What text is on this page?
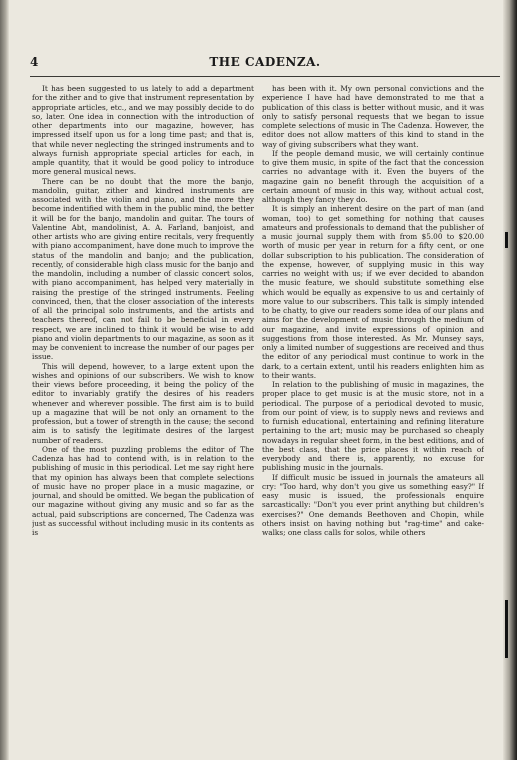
4	THE CADENZA.

It has been suggested to us lately to add a department for the zither and to give that instrument representation by appropriate articles, etc., and we may possibly decide to do so, later. One idea in connection with the introduction of other departments into our magazine, however, has impressed itself upon us for a long time past; and that is, that while never neglecting the stringed instruments and to always furnish appropriate special articles for each, in ample quantity, that it would be good policy to introduce more general musical news.

There can be no doubt that the more the banjo, mandolin, guitar, zither and kindred instruments are associated with the violin and piano, and the more they become indentified with them in the public mind, the better it will be for the banjo, mandolin and guitar. The tours of Valentine Abt, mandolinist, A. A. Farland, banjoist, and other artists who are giving entire recitals, very frequently with piano accompaniment, have done much to improve the status of the mandolin and banjo; and the publication, recently, of considerable high class music for the banjo and the mandolin, including a number of classic concert solos, with piano accompaniment, has helped very materially in raising the prestige of the stringed instruments. Feeling convinced, then, that the closer association of the interests of all the principal solo instruments, and the artists and teachers thereof, can not fail to be beneficial in every respect, we are inclined to think it would be wise to add piano and violin departments to our magazine, as soon as it may be convenient to increase the number of our pages per issue.

This will depend, however, to a large extent upon the wishes and opinions of our subscribers. We wish to know their views before proceeding, it being the policy of the editor to invariably gratify the desires of his readers whenever and wherever possible. The first aim is to build up a magazine that will be not only an ornament to the profession, but a tower of strength in the cause; the second aim is to satisfy the legitimate desires of the largest number of readers.

One of the most puzzling problems the editor of The Cadenza has had to contend with, is in relation to the publishing of music in this periodical. Let me say right here that my opinion has always been that complete selections of music have no proper place in a music magazine, or journal, and should be omitted. We began the publication of our magazine without giving any music and so far as the actual, paid subscriptions are concerned, The Cadenza was just as successful without including music in its contents as is

has been with it. My own personal convictions and the experience I have had have demonstrated to me that a publication of this class is better without music, and it was only to satisfy personal requests that we began to issue complete selections of music in The Cadenza. However, the editor does not allow matters of this kind to stand in the way of giving subscribers what they want.

If the people demand music, we will certainly continue to give them music, in spite of the fact that the concession carries no advantage with it. Even the buyers of the magazine gain no benefit through the acquisition of a certain amount of music in this way, without actual cost, although they fancy they do.

It is simply an inherent desire on the part of man (and woman, too) to get something for nothing that causes amateurs and professionals to demand that the publisher of a music journal supply them with from $5.00 to $20.00 worth of music per year in return for a fifty cent, or one dollar subscription to his publication. The consideration of the expense, however, of supplying music in this way carries no weight with us; if we ever decided to abandon the music feature, we should substitute something else which would be equally as expensive to us and certainly of more value to our subscribers. This talk is simply intended to be chatty, to give our readers some idea of our plans and aims for the development of music through the medium of our magazine, and invite expressions of opinion and suggestions from those interested. As Mr. Munsey says, only a limited number of suggestions are received and thus the editor of any periodical must continue to work in the dark, to a certain extent, until his readers enlighten him as to their wants.

In relation to the publishing of music in magazines, the proper place to get music is at the music store, not in a periodical. The purpose of a periodical devoted to music, from our point of view, is to supply news and reviews and to furnish educational, entertaining and refining literature pertaining to the art; music may be purchased so cheaply nowadays in regular sheet form, in the best editions, and of the best class, that the price places it within reach of everybody and there is, apparently, no excuse for publishing music in the journals.

If difficult music be issued in journals the amateurs all cry: "Too hard, why don't you give us something easy?" If easy music is issued, the professionals enquire sarcastically: "Don't you ever print anything but children's exercises?" One demands Beethoven and Chopin, while others insist on having nothing but "rag-time" and cake-walks; one class calls for solos, while others
